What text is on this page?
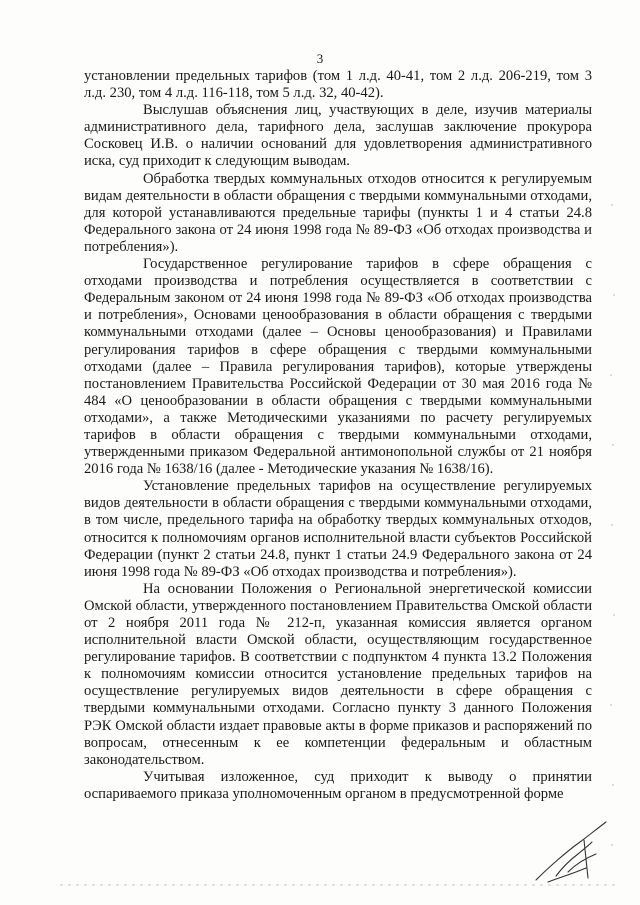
3

установлении предельных тарифов (том 1 л.д. 40-41, том 2 л.д. 206-219, том 3 л.д. 230, том 4 л.д. 116-118, том 5 л.д. 32, 40-42).

Выслушав объяснения лиц, участвующих в деле, изучив материалы административного дела, тарифного дела, заслушав заключение прокурора Сосковец И.В. о наличии оснований для удовлетворения административного иска, суд приходит к следующим выводам.

Обработка твердых коммунальных отходов относится к регулируемым видам деятельности в области обращения с твердыми коммунальными отходами, для которой устанавливаются предельные тарифы (пункты 1 и 4 статьи 24.8 Федерального закона от 24 июня 1998 года № 89-ФЗ «Об отходах производства и потребления»).

Государственное регулирование тарифов в сфере обращения с отходами производства и потребления осуществляется в соответствии с Федеральным законом от 24 июня 1998 года № 89-ФЗ «Об отходах производства и потребления», Основами ценообразования в области обращения с твердыми коммунальными отходами (далее – Основы ценообразования) и Правилами регулирования тарифов в сфере обращения с твердыми коммунальными отходами (далее – Правила регулирования тарифов), которые утверждены постановлением Правительства Российской Федерации от 30 мая 2016 года № 484 «О ценообразовании в области обращения с твердыми коммунальными отходами», а также Методическими указаниями по расчету регулируемых тарифов в области обращения с твердыми коммунальными отходами, утвержденными приказом Федеральной антимонопольной службы от 21 ноября 2016 года № 1638/16 (далее - Методические указания № 1638/16).

Установление предельных тарифов на осуществление регулируемых видов деятельности в области обращения с твердыми коммунальными отходами, в том числе, предельного тарифа на обработку твердых коммунальных отходов, относится к полномочиям органов исполнительной власти субъектов Российской Федерации (пункт 2 статьи 24.8, пункт 1 статьи 24.9 Федерального закона от 24 июня 1998 года № 89-ФЗ «Об отходах производства и потребления»).

На основании Положения о Региональной энергетической комиссии Омской области, утвержденного постановлением Правительства Омской области от 2 ноября 2011 года № 212-п, указанная комиссия является органом исполнительной власти Омской области, осуществляющим государственное регулирование тарифов. В соответствии с подпунктом 4 пункта 13.2 Положения к полномочиям комиссии относится установление предельных тарифов на осуществление регулируемых видов деятельности в сфере обращения с твердыми коммунальными отходами. Согласно пункту 3 данного Положения РЭК Омской области издает правовые акты в форме приказов и распоряжений по вопросам, отнесенным к ее компетенции федеральным и областным законодательством.

Учитывая изложенное, суд приходит к выводу о принятии оспариваемого приказа уполномоченным органом в предусмотренной форме
